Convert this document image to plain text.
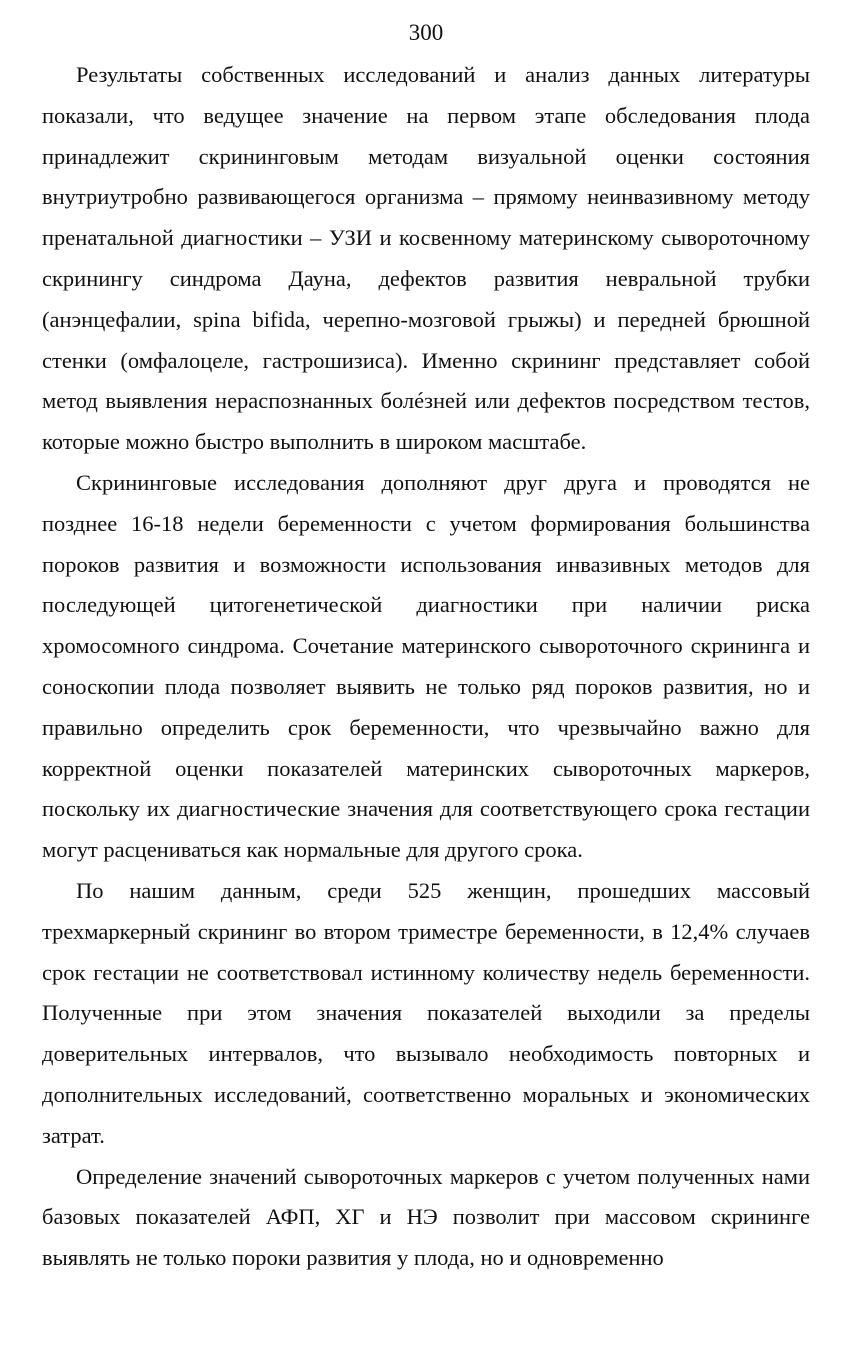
300

Результаты собственных исследований и анализ данных литературы показали, что ведущее значение на первом этапе обследования плода принадлежит скрининговым методам визуальной оценки состояния внутриутробно развивающегося организма – прямому неинвазивному методу пренатальной диагностики – УЗИ и косвенному материнскому сывороточному скринингу синдрома Дауна, дефектов развития невральной трубки (анэнцефалии, spina bifida, черепно-мозговой грыжы) и передней брюшной стенки (омфалоцеле, гастрошизиса). Именно скрининг представляет собой метод выявления нераспознанных болéзней или дефектов посредством тестов, которые можно быстро выполнить в широком масштабе.

Скрининговые исследования дополняют друг друга и проводятся не позднее 16-18 недели беременности с учетом формирования большинства пороков развития и возможности использования инвазивных методов для последующей цитогенетической диагностики при наличии риска хромосомного синдрома. Сочетание материнского сывороточного скрининга и соноскопии плода позволяет выявить не только ряд пороков развития, но и правильно определить срок беременности, что чрезвычайно важно для корректной оценки показателей материнских сывороточных маркеров, поскольку их диагностические значения для соответствующего срока гестации могут расцениваться как нормальные для другого срока.

По нашим данным, среди 525 женщин, прошедших массовый трехмаркерный скрининг во втором триместре беременности, в 12,4% случаев срок гестации не соответствовал истинному количеству недель беременности. Полученные при этом значения показателей выходили за пределы доверительных интервалов, что вызывало необходимость повторных и дополнительных исследований, соответственно моральных и экономических затрат.

Определение значений сывороточных маркеров с учетом полученных нами базовых показателей АФП, ХГ и НЭ позволит при массовом скрининге выявлять не только пороки развития у плода, но и одновременно
